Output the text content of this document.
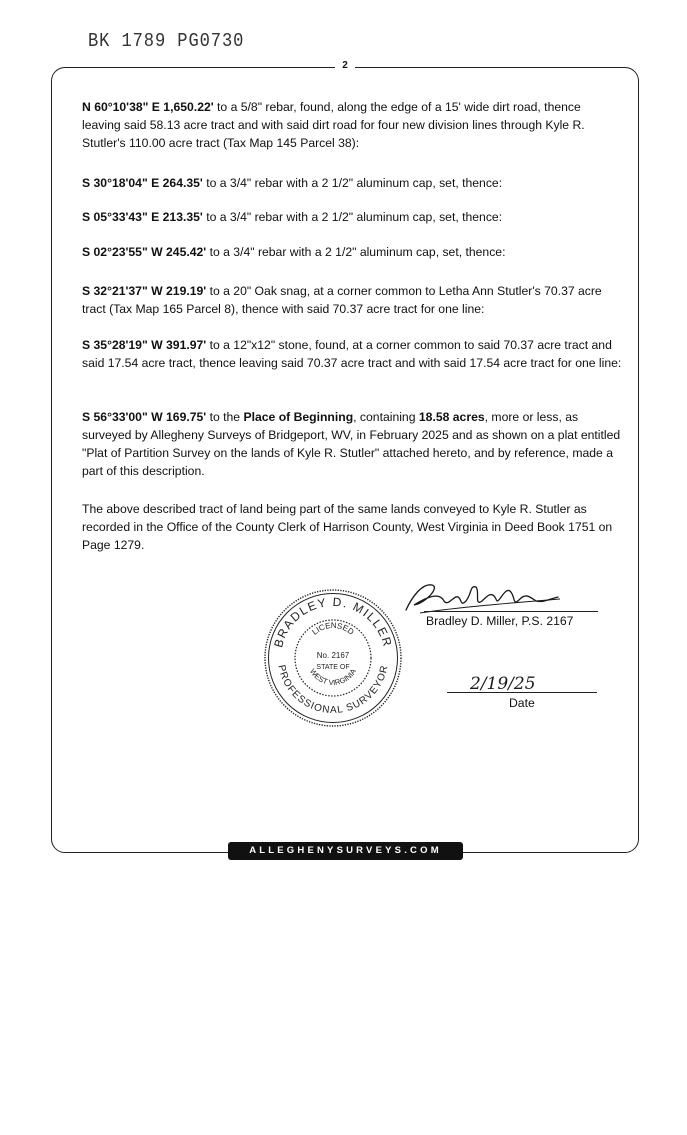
BK 1789 PG0730
2

N 60°10'38" E 1,650.22' to a 5/8" rebar, found, along the edge of a 15' wide dirt road, thence leaving said 58.13 acre tract and with said dirt road for four new division lines through Kyle R. Stutler's 110.00 acre tract (Tax Map 145 Parcel 38):

S 30°18'04" E 264.35' to a 3/4" rebar with a 2 1/2" aluminum cap, set, thence:

S 05°33'43" E 213.35' to a 3/4" rebar with a 2 1/2" aluminum cap, set, thence:

S 02°23'55" W 245.42' to a 3/4" rebar with a 2 1/2" aluminum cap, set, thence:

S 32°21'37" W 219.19' to a 20" Oak snag, at a corner common to Letha Ann Stutler's 70.37 acre tract (Tax Map 165 Parcel 8), thence with said 70.37 acre tract for one line:

S 35°28'19" W 391.97' to a 12"x12" stone, found, at a corner common to said 70.37 acre tract and said 17.54 acre tract, thence leaving said 70.37 acre tract and with said 17.54 acre tract for one line:

S 56°33'00" W 169.75' to the Place of Beginning, containing 18.58 acres, more or less, as surveyed by Allegheny Surveys of Bridgeport, WV, in February 2025 and as shown on a plat entitled "Plat of Partition Survey on the lands of Kyle R. Stutler" attached hereto, and by reference, made a part of this description.

The above described tract of land being part of the same lands conveyed to Kyle R. Stutler as recorded in the Office of the County Clerk of Harrison County, West Virginia in Deed Book 1751 on Page 1279.

BRADLEY D. MILLER
PROFESSIONAL SURVEYOR
LICENSED
No. 2167
STATE OF
WEST VIRGINIA
Bradley D. Miller, P.S. 2167
2/19/25
Date
ALLEGHENYSURVEYS.COM
